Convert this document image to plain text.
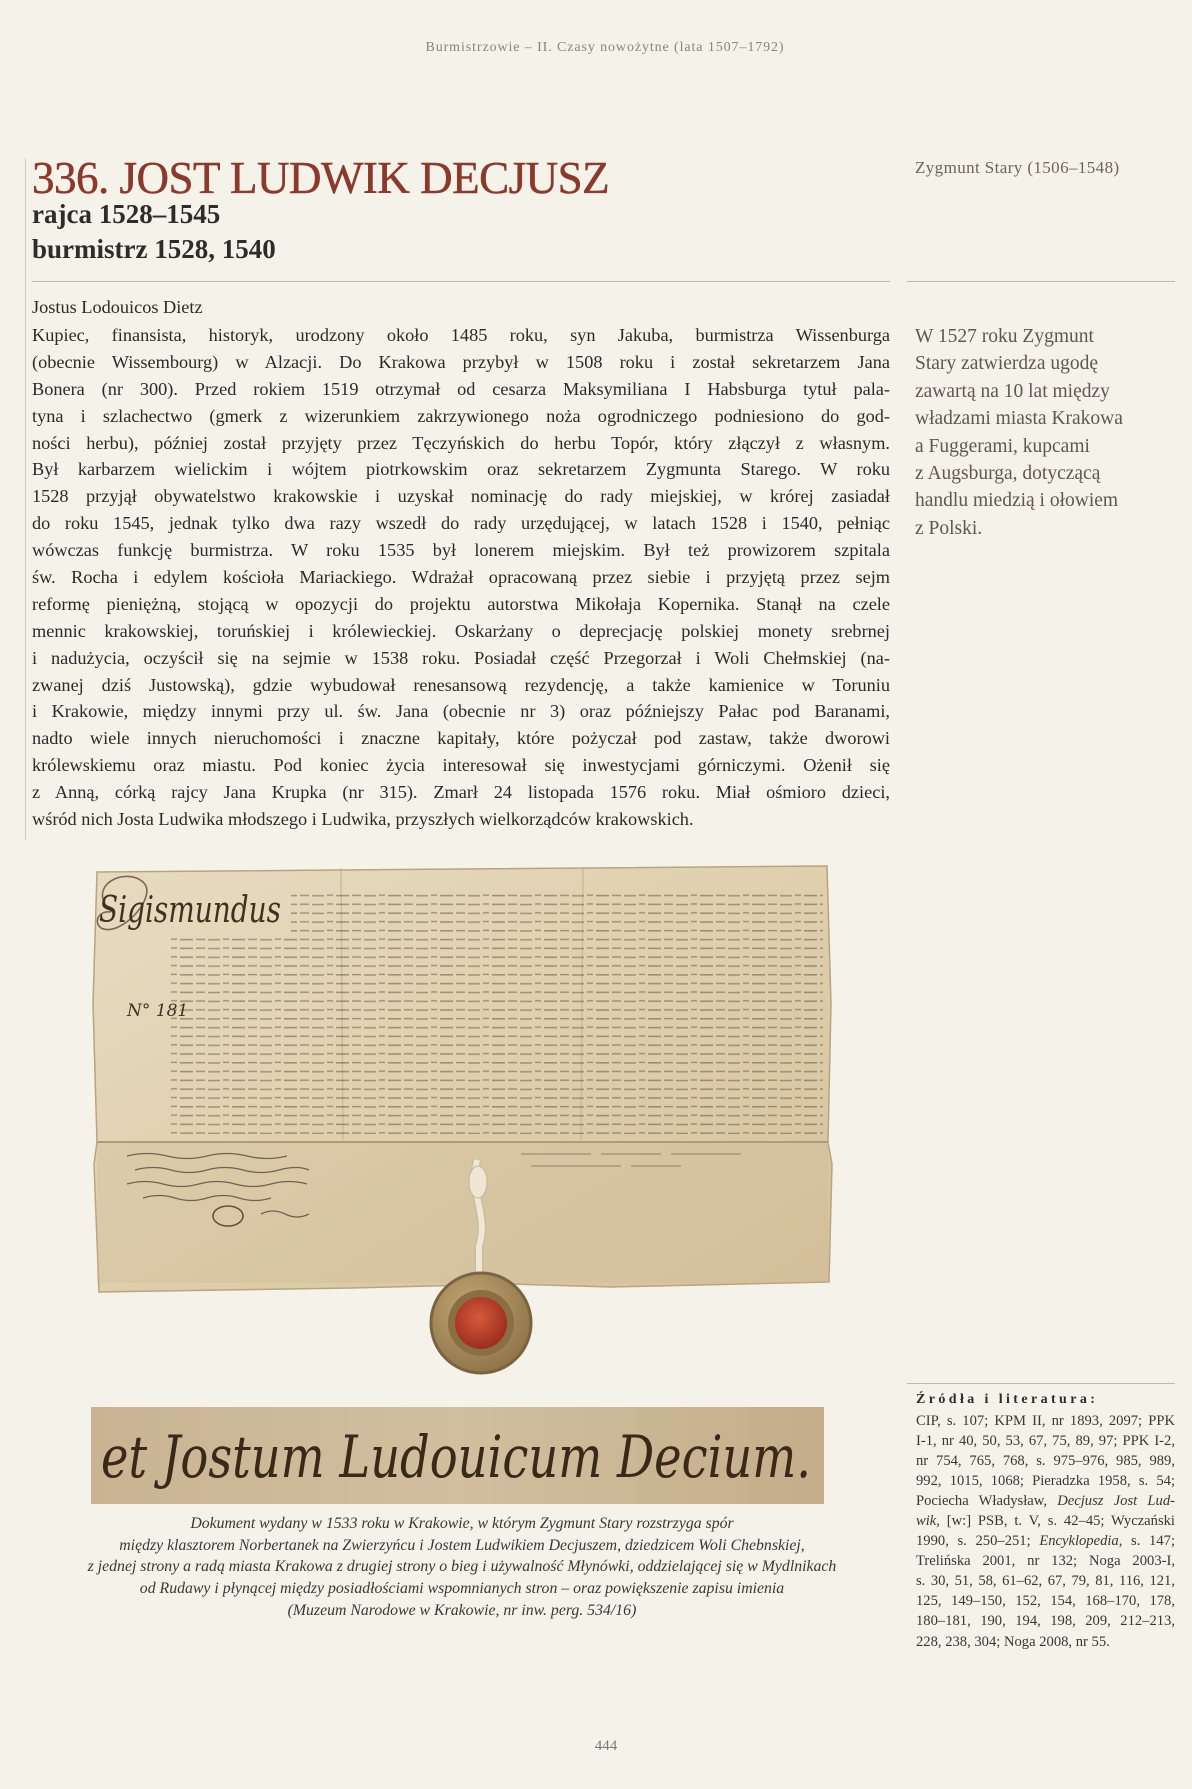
Burmistrzowie – II. Czasy nowożytne (lata 1507–1792)
336. JOST LUDWIK DECJUSZ
rajca 1528–1545
burmistrz 1528, 1540
Zygmunt Stary (1506–1548)
Jostus Lodouicos Dietz
Kupiec, finansista, historyk, urodzony około 1485 roku, syn Jakuba, burmistrza Wissenburga
(obecnie Wissembourg) w Alzacji. Do Krakowa przybył w 1508 roku i został sekretarzem Jana
Bonera (nr 300). Przed rokiem 1519 otrzymał od cesarza Maksymiliana I Habsburga tytuł pala-
tyna i szlachectwo (gmerk z wizerunkiem zakrzywionego noża ogrodniczego podniesiono do god-
ności herbu), później został przyjęty przez Tęczyńskich do herbu Topór, który złączył z własnym.
Był karbarzem wielickim i wójtem piotrkowskim oraz sekretarzem Zygmunta Starego. W roku
1528 przyjął obywatelstwo krakowskie i uzyskał nominację do rady miejskiej, w krórej zasiadał
do roku 1545, jednak tylko dwa razy wszedł do rady urzędującej, w latach 1528 i 1540, pełniąc
wówczas funkcję burmistrza. W roku 1535 był lonerem miejskim. Był też prowizorem szpitala
św. Rocha i edylem kościoła Mariackiego. Wdrażał opracowaną przez siebie i przyjętą przez sejm
reformę pieniężną, stojącą w opozycji do projektu autorstwa Mikołaja Kopernika. Stanął na czele
mennic krakowskiej, toruńskiej i królewieckiej. Oskarżany o deprecjację polskiej monety srebrnej
i nadużycia, oczyścił się na sejmie w 1538 roku. Posiadał część Przegorzał i Woli Chełmskiej (na-
zwanej dziś Justowską), gdzie wybudował renesansową rezydencję, a także kamienice w Toruniu
i Krakowie, między innymi przy ul. św. Jana (obecnie nr 3) oraz późniejszy Pałac pod Baranami,
nadto wiele innych nieruchomości i znaczne kapitały, które pożyczał pod zastaw, także dworowi
królewskiemu oraz miastu. Pod koniec życia interesował się inwestycjami górniczymi. Ożenił się
z Anną, córką rajcy Jana Krupka (nr 315). Zmarł 24 listopada 1576 roku. Miał ośmioro dzieci,
wśród nich Josta Ludwika młodszego i Ludwika, przyszłych wielkorządców krakowskich.
W 1527 roku Zygmunt
Stary zatwierdza ugodę
zawartą na 10 lat między
władzami miasta Krakowa
a Fuggerami, kupcami
z Augsburga, dotyczącą
handlu miedzią i ołowiem
z Polski.
Sigismundus
N° 181
et Jostum Ludouicum Decium.
Dokument wydany w 1533 roku w Krakowie, w którym Zygmunt Stary rozstrzyga spór
między klasztorem Norbertanek na Zwierzyńcu i Jostem Ludwikiem Decjuszem, dziedzicem Woli Chebnskiej,
z jednej strony a radą miasta Krakowa z drugiej strony o bieg i używalność Młynówki, oddzielającej się w Mydlnikach
od Rudawy i płynącej między posiadłościami wspomnianych stron – oraz powiększenie zapisu imienia
(Muzeum Narodowe w Krakowie, nr inw. perg. 534/16)
Źródła i literatura:
CIP, s. 107; KPM II, nr 1893, 2097; PPK
I-1, nr 40, 50, 53, 67, 75, 89, 97; PPK I-2,
nr 754, 765, 768, s. 975–976, 985, 989,
992, 1015, 1068; Pieradzka 1958, s. 54;
Pociecha Władysław, Decjusz Jost Lud-
wik, [w:] PSB, t. V, s. 42–45; Wyczański
1990, s. 250–251; Encyklopedia, s. 147;
Trelińska 2001, nr 132; Noga 2003-I,
s. 30, 51, 58, 61–62, 67, 79, 81, 116, 121,
125, 149–150, 152, 154, 168–170, 178,
180–181, 190, 194, 198, 209, 212–213,
228, 238, 304; Noga 2008, nr 55.
444
